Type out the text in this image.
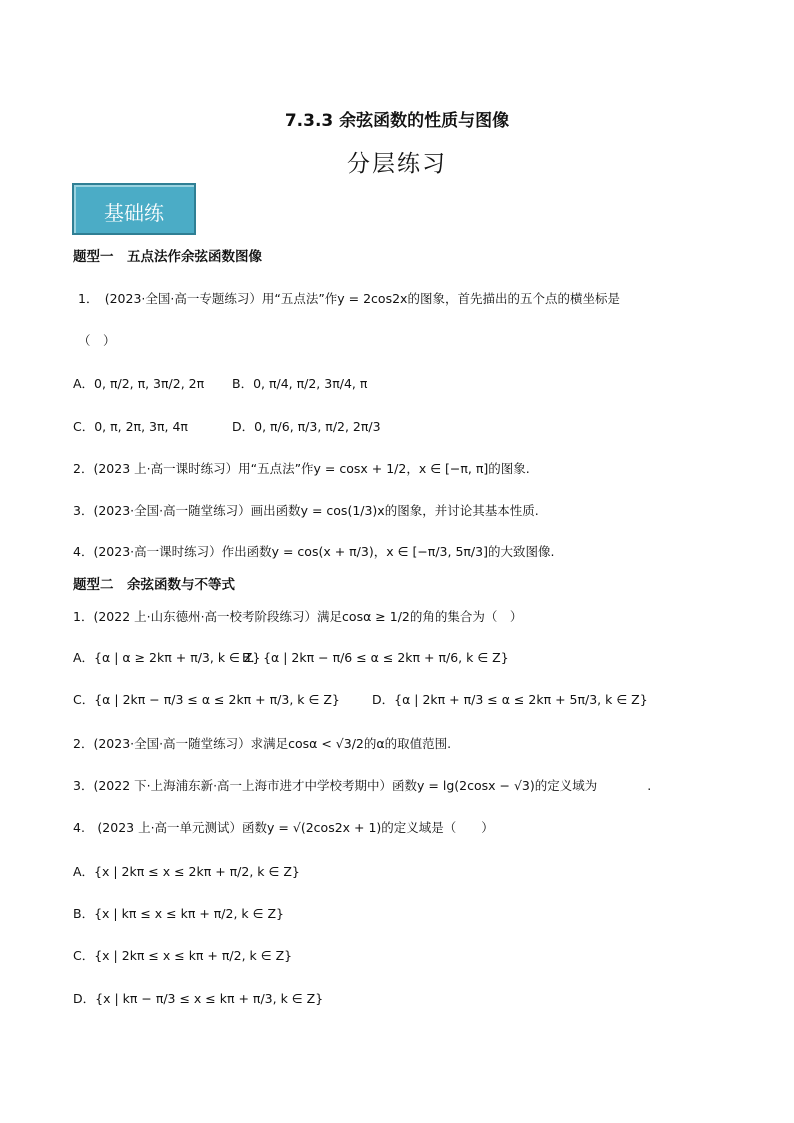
7.3.3 余弦函数的性质与图像
分层练习
基础练
题型一　五点法作余弦函数图像
1．　(2023·全国·高一专题练习）用“五点法”作y = 2cos2x的图象，首先描出的五个点的横坐标是
（　）
A．0, π/2, π, 3π/2, 2π B．0, π/4, π/2, 3π/4, π
C．0, π, 2π, 3π, 4π	D．0, π/6, π/3, π/2, 2π/3
2．(2023 上·高一课时练习）用“五点法”作y = cosx + 1/2，x ∈ [−π, π]的图象.
3．(2023·全国·高一随堂练习）画出函数y = cos(1/3)x的图象，并讨论其基本性质.
4．(2023·高一课时练习）作出函数y = cos(x + π/3)，x ∈ [−π/3, 5π/3]的大致图像.
题型二　余弦函数与不等式
1．(2022 上·山东德州·高一校考阶段练习）满足cosα ≥ 1/2的角的集合为（　）
A．{α | α ≥ 2kπ + π/3, k ∈ Z}
B．{α | 2kπ − π/6 ≤ α ≤ 2kπ + π/6, k ∈ Z}
C．{α | 2kπ − π/3 ≤ α ≤ 2kπ + π/3, k ∈ Z}	D．{α | 2kπ + π/3 ≤ α ≤ 2kπ + 5π/3, k ∈ Z}
2．(2023·全国·高一随堂练习）求满足cosα < √3/2的α的取值范围.
3．(2022 下·上海浦东新·高一上海市进才中学校考期中）函数y = lg(2cosx − √3)的定义域为　　　　.
4.　(2023 上·高一单元测试）函数y = √(2cos2x + 1)的定义域是（　　）
A．{x | 2kπ ≤ x ≤ 2kπ + π/2, k ∈ Z}
B．{x | kπ ≤ x ≤ kπ + π/2, k ∈ Z}
C．{x | 2kπ ≤ x ≤ kπ + π/2, k ∈ Z}
D．{x | kπ − π/3 ≤ x ≤ kπ + π/3, k ∈ Z}
